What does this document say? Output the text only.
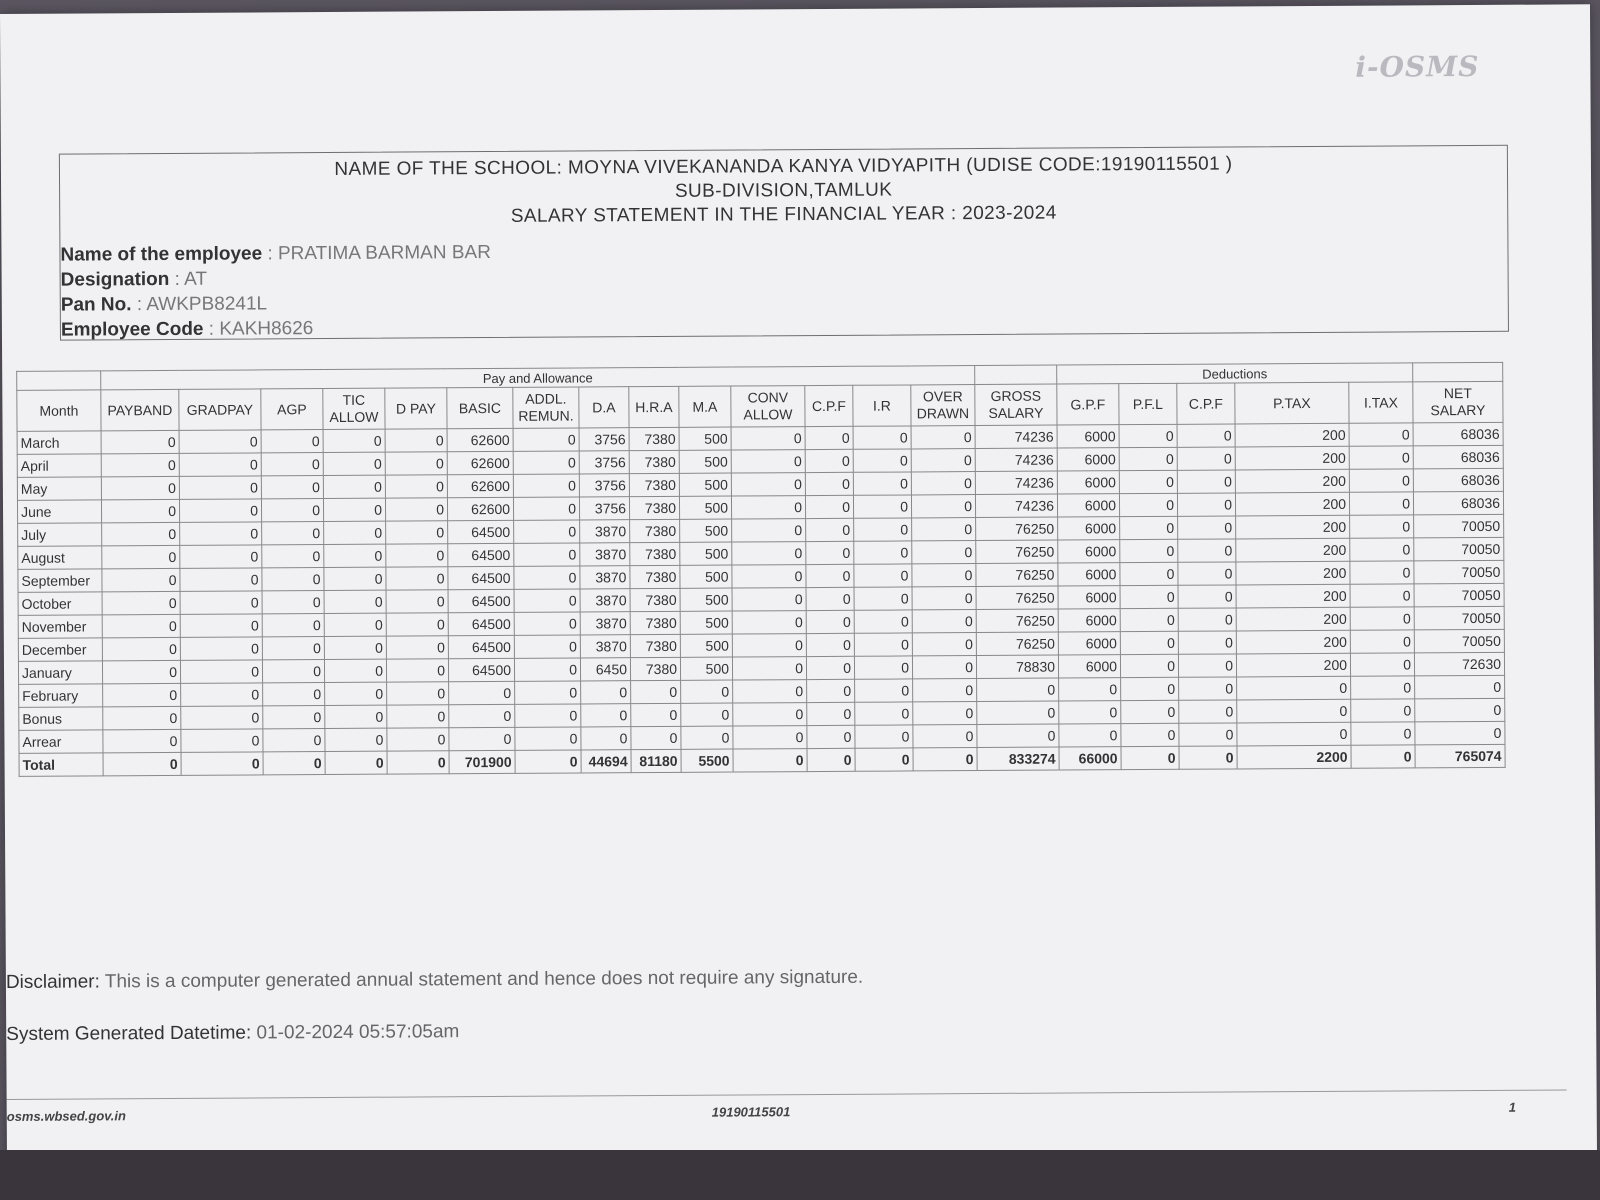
i-OSMS
NAME OF THE SCHOOL: MOYNA VIVEKANANDA KANYA VIDYAPITH (UDISE CODE:19190115501 )
SUB-DIVISION,TAMLUK
SALARY STATEMENT IN THE FINANCIAL YEAR : 2023-2024
Name of the employee : PRATIMA BARMAN BAR
Designation : AT
Pan No. : AWKPB8241L
Employee Code : KAKH8626
	Pay and Allowance															Deductions					
Month	PAYBAND	GRADPAY	AGP	TIC ALLOW	D PAY	BASIC	ADDL. REMUN.	D.A	H.R.A	M.A	CONV ALLOW	C.P.F	I.R	OVER DRAWN	GROSS SALARY	G.P.F	P.F.L	C.P.F	P.TAX	I.TAX	NET SALARY
March	0	0	0	0	0	62600	0	3756	7380	500	0	0	0	0	74236	6000	0	0	200	0	68036
April	0	0	0	0	0	62600	0	3756	7380	500	0	0	0	0	74236	6000	0	0	200	0	68036
May	0	0	0	0	0	62600	0	3756	7380	500	0	0	0	0	74236	6000	0	0	200	0	68036
June	0	0	0	0	0	62600	0	3756	7380	500	0	0	0	0	74236	6000	0	0	200	0	68036
July	0	0	0	0	0	64500	0	3870	7380	500	0	0	0	0	76250	6000	0	0	200	0	70050
August	0	0	0	0	0	64500	0	3870	7380	500	0	0	0	0	76250	6000	0	0	200	0	70050
September	0	0	0	0	0	64500	0	3870	7380	500	0	0	0	0	76250	6000	0	0	200	0	70050
October	0	0	0	0	0	64500	0	3870	7380	500	0	0	0	0	76250	6000	0	0	200	0	70050
November	0	0	0	0	0	64500	0	3870	7380	500	0	0	0	0	76250	6000	0	0	200	0	70050
December	0	0	0	0	0	64500	0	3870	7380	500	0	0	0	0	76250	6000	0	0	200	0	70050
January	0	0	0	0	0	64500	0	6450	7380	500	0	0	0	0	78830	6000	0	0	200	0	72630
February	0	0	0	0	0	0	0	0	0	0	0	0	0	0	0	0	0	0	0	0	0
Bonus	0	0	0	0	0	0	0	0	0	0	0	0	0	0	0	0	0	0	0	0	0
Arrear	0	0	0	0	0	0	0	0	0	0	0	0	0	0	0	0	0	0	0	0	0
Total	0	0	0	0	0	701900	0	44694	81180	5500	0	0	0	0	833274	66000	0	0	2200	0	765074
Disclaimer: This is a computer generated annual statement and hence does not require any signature.
System Generated Datetime: 01-02-2024 05:57:05am
osms.wbsed.gov.in	19190115501	1
